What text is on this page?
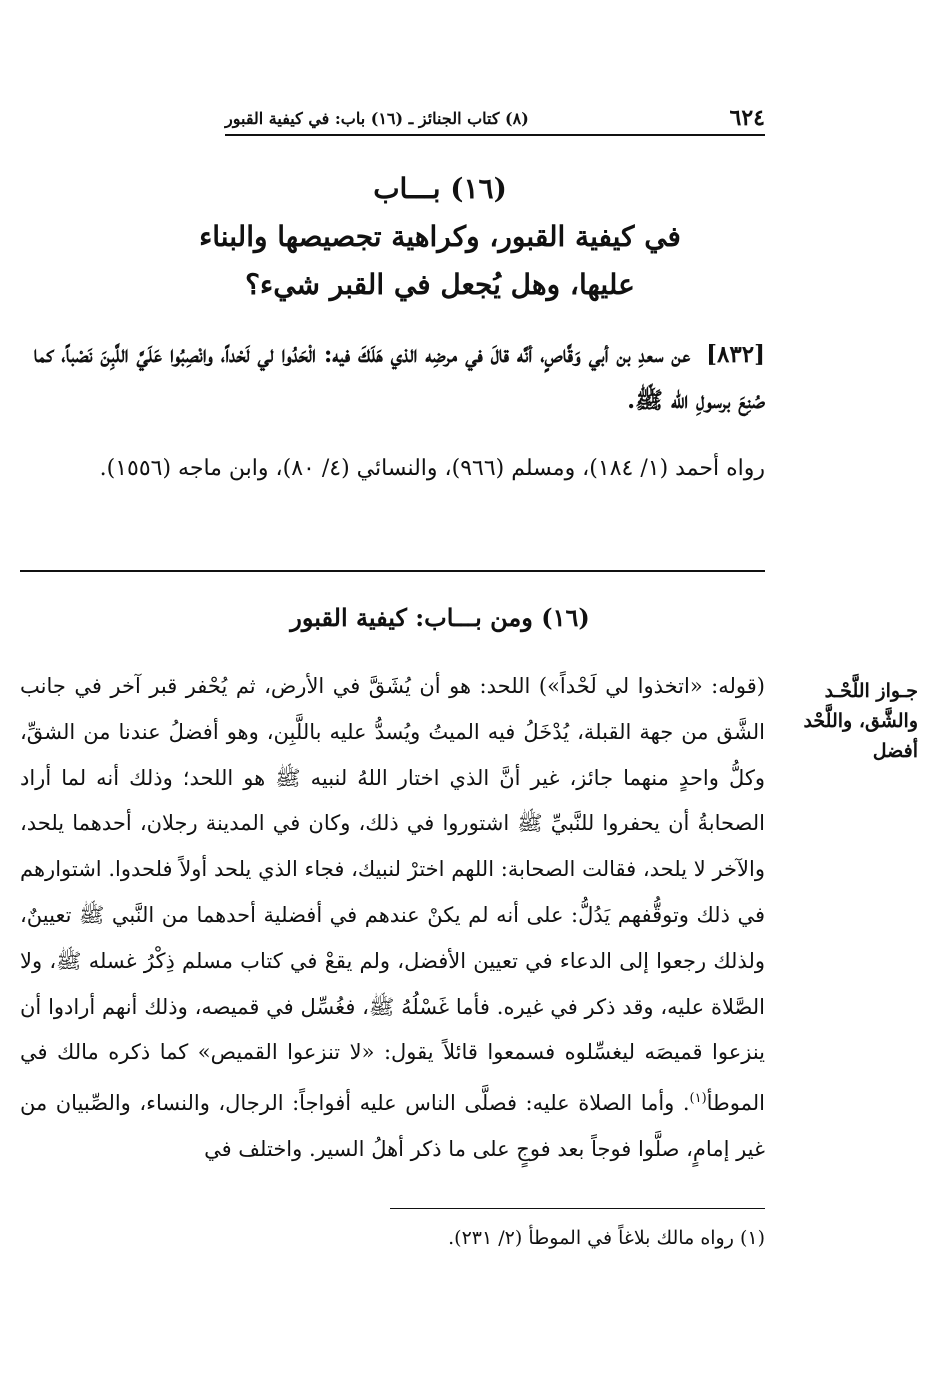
٦٢٤
(٨) كتاب الجنائز ـ (١٦) باب: في كيفية القبور
(١٦) بـــاب
في كيفية القبور، وكراهية تجصيصها والبناء
عليها، وهل يُجعل في القبر شيء؟
[٨٣٢] عن سعدِ بن أبي وَقَّاصٍ، أنَّه قالَ في مرضِه الذي هَلَكَ فيه: الْحَدُوا لي لَحْداً، وانْصِبُوا عَلَيَّ اللَّبِنَ نَصْباً، كما صُنِعَ برسولِ الله ﷺ.
رواه أحمد (١/ ١٨٤)، ومسلم (٩٦٦)، والنسائي (٤/ ٨٠)، وابن ماجه (١٥٥٦).
(١٦) ومن بـــاب: كيفية القبور
جـواز اللَّحْـد والشَّق، واللَّحْد أفضل
(قوله: «اتخذوا لي لَحْداً») اللحد: هو أن يُشَقَّ في الأرض، ثم يُحْفر قبر آخر في جانب الشَّق من جهة القبلة، يُدْخَلُ فيه الميتُ ويُسدُّ عليه باللَّبِن، وهو أفضلُ عندنا من الشقِّ، وكلُّ واحدٍ منهما جائز، غير أنَّ الذي اختار اللهُ لنبيه ﷺ هو اللحد؛ وذلك أنه لما أراد الصحابةُ أن يحفروا للنَّبيِّ ﷺ اشتوروا في ذلك، وكان في المدينة رجلان، أحدهما يلحد، والآخر لا يلحد، فقالت الصحابة: اللهم اخترْ لنبيك، فجاء الذي يلحد أولاً فلحدوا. اشتوارهم في ذلك وتوقُّفهم يَدُلُّ: على أنه لم يكنْ عندهم في أفضلية أحدهما من النَّبي ﷺ تعيينٌ، ولذلك رجعوا إلى الدعاء في تعيين الأفضل، ولم يقعْ في كتاب مسلم ذِكْرُ غسله ﷺ، ولا الصَّلاة عليه، وقد ذكر في غيره. فأما غَسْلُهُ ﷺ، فغُسِّل في قميصه، وذلك أنهم أرادوا أن ينزعوا قميصَه ليغسِّلوه فسمعوا قائلاً يقول: «لا تنزعوا القميص» كما ذكره مالك في الموطأ$^{(١)}$. وأما الصلاة عليه: فصلَّى الناس عليه أفواجاً: الرجال، والنساء، والصِّبيان من غير إمامٍ، صلَّوا فوجاً بعد فوجٍ على ما ذكر أهلُ السير. واختلف في
(١) رواه مالك بلاغاً في الموطأ (٢/ ٢٣١).
